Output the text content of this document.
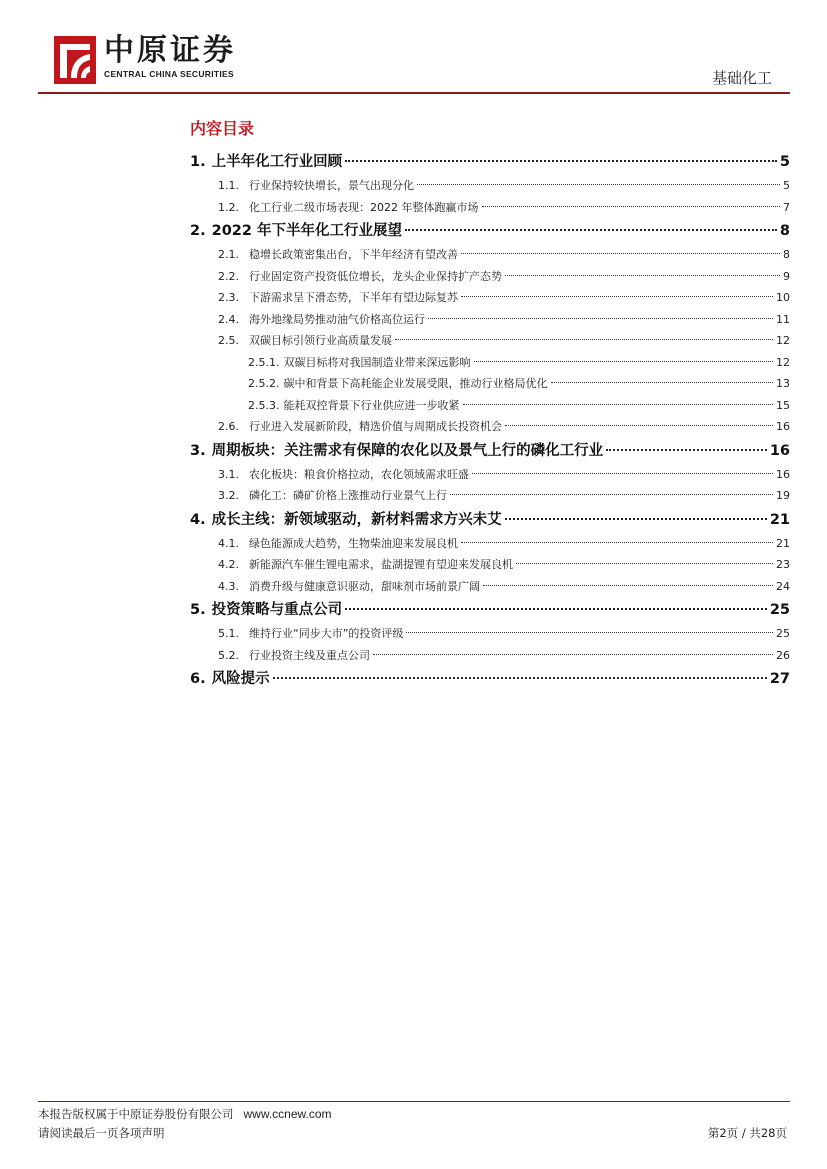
中原证券
CENTRAL CHINA SECURITIES	基础化工
内容目录
1. 上半年化工行业回顾	5
1.1. 行业保持较快增长，景气出现分化	5
1.2. 化工行业二级市场表现：2022 年整体跑赢市场	7
2. 2022 年下半年化工行业展望	8
2.1. 稳增长政策密集出台，下半年经济有望改善	8
2.2. 行业固定资产投资低位增长，龙头企业保持扩产态势	9
2.3. 下游需求呈下滑态势，下半年有望边际复苏	10
2.4. 海外地缘局势推动油气价格高位运行	11
2.5. 双碳目标引领行业高质量发展	12
2.5.1. 双碳目标将对我国制造业带来深远影响	12
2.5.2. 碳中和背景下高耗能企业发展受限，推动行业格局优化	13
2.5.3. 能耗双控背景下行业供应进一步收紧	15
2.6. 行业进入发展新阶段，精选价值与周期成长投资机会	16
3. 周期板块：关注需求有保障的农化以及景气上行的磷化工行业	16
3.1. 农化板块：粮食价格拉动，农化领域需求旺盛	16
3.2. 磷化工：磷矿价格上涨推动行业景气上行	19
4. 成长主线：新领域驱动，新材料需求方兴未艾	21
4.1. 绿色能源成大趋势，生物柴油迎来发展良机	21
4.2. 新能源汽车催生锂电需求，盐湖提锂有望迎来发展良机	23
4.3. 消费升级与健康意识驱动，甜味剂市场前景广阔	24
5. 投资策略与重点公司	25
5.1. 维持行业“同步大市”的投资评级	25
5.2. 行业投资主线及重点公司	26
6. 风险提示	27
本报告版权属于中原证券股份有限公司 www.ccnew.com
请阅读最后一页各项声明	第2页 / 共28页
